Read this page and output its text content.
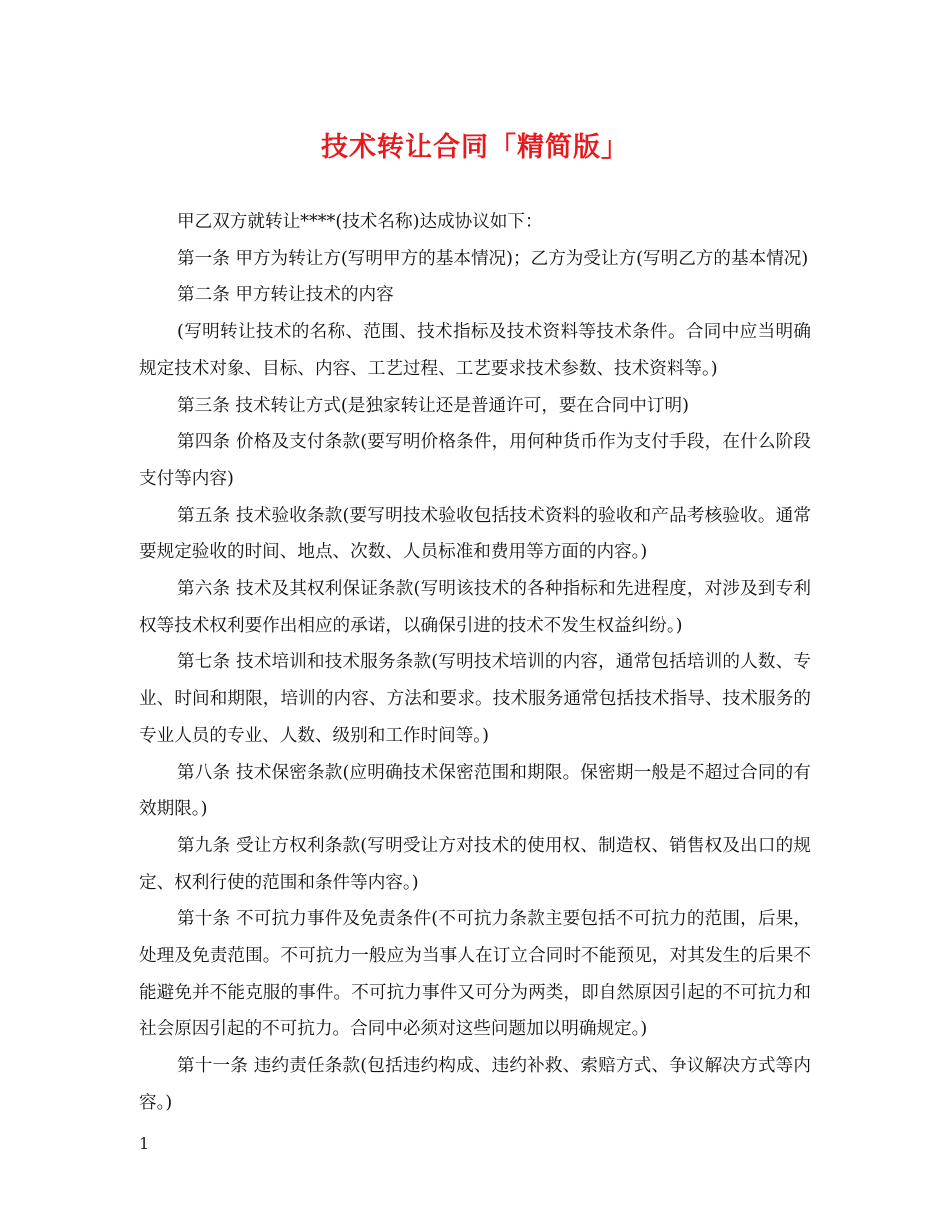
技术转让合同「精简版」

甲乙双方就转让****(技术名称)达成协议如下：

第一条 甲方为转让方(写明甲方的基本情况)；乙方为受让方(写明乙方的基本情况)

第二条 甲方转让技术的内容

(写明转让技术的名称、范围、技术指标及技术资料等技术条件。合同中应当明确规定技术对象、目标、内容、工艺过程、工艺要求技术参数、技术资料等。)

第三条 技术转让方式(是独家转让还是普通许可，要在合同中订明)

第四条 价格及支付条款(要写明价格条件，用何种货币作为支付手段，在什么阶段支付等内容)

第五条 技术验收条款(要写明技术验收包括技术资料的验收和产品考核验收。通常要规定验收的时间、地点、次数、人员标准和费用等方面的内容。)

第六条 技术及其权利保证条款(写明该技术的各种指标和先进程度，对涉及到专利权等技术权利要作出相应的承诺，以确保引进的技术不发生权益纠纷。)

第七条 技术培训和技术服务条款(写明技术培训的内容，通常包括培训的人数、专业、时间和期限，培训的内容、方法和要求。技术服务通常包括技术指导、技术服务的专业人员的专业、人数、级别和工作时间等。)

第八条 技术保密条款(应明确技术保密范围和期限。保密期一般是不超过合同的有效期限。)

第九条 受让方权利条款(写明受让方对技术的使用权、制造权、销售权及出口的规定、权利行使的范围和条件等内容。)

第十条 不可抗力事件及免责条件(不可抗力条款主要包括不可抗力的范围，后果，处理及免责范围。不可抗力一般应为当事人在订立合同时不能预见，对其发生的后果不能避免并不能克服的事件。不可抗力事件又可分为两类，即自然原因引起的不可抗力和社会原因引起的不可抗力。合同中必须对这些问题加以明确规定。)

第十一条 违约责任条款(包括违约构成、违约补救、索赔方式、争议解决方式等内容。)

1
